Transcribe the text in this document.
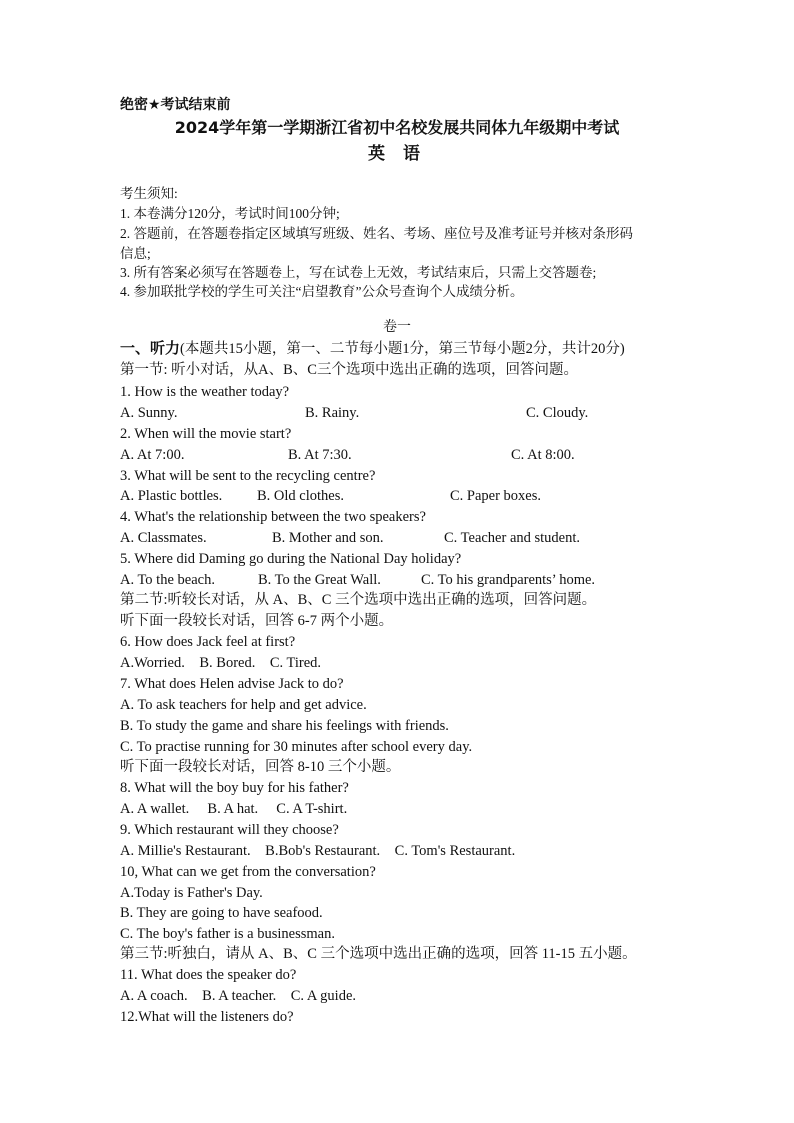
绝密★考试结束前
2024学年第一学期浙江省初中名校发展共同体九年级期中考试
英 语
考生须知:
1. 本卷满分120分，考试时间100分钟;
2. 答题前，在答题卷指定区域填写班级、姓名、考场、座位号及准考证号并核对条形码
信息;
3. 所有答案必须写在答题卷上，写在试卷上无效，考试结束后，只需上交答题卷;
4. 参加联批学校的学生可关注“启望教育”公众号查询个人成绩分析。
卷一
一、听力(本题共15小题，第一、二节每小题1分，第三节每小题2分，共计20分)
第一节: 听小对话，从A、B、C三个选项中选出正确的选项，回答问题。
1. How is the weather today?
A. Sunny.	B. Rainy.	C. Cloudy.
2. When will the movie start?
A. At 7:00.	B. At 7:30.	C. At 8:00.
3. What will be sent to the recycling centre?
A. Plastic bottles. B. Old clothes.	C. Paper boxes.
4. What's the relationship between the two speakers?
A. Classmates.	B. Mother and son.	C. Teacher and student.
5. Where did Daming go during the National Day holiday?
A. To the beach.	B. To the Great Wall.	C. To his grandparents’ home.
第二节:听较长对话，从 A、B、C 三个选项中选出正确的选项，回答问题。
听下面一段较长对话，回答 6-7 两个小题。
6. How does Jack feel at first?
A.Worried.    B. Bored.    C. Tired.
7. What does Helen advise Jack to do?
A. To ask teachers for help and get advice.
B. To study the game and share his feelings with friends.
C. To practise running for 30 minutes after school every day.
听下面一段较长对话，回答 8-10 三个小题。
8. What will the boy buy for his father?
A. A wallet.     B. A hat.     C. A T-shirt.
9. Which restaurant will they choose?
A. Millie's Restaurant.    B.Bob's Restaurant.    C. Tom's Restaurant.
10, What can we get from the conversation?
A.Today is Father's Day.
B. They are going to have seafood.
C. The boy's father is a businessman.
第三节:听独白，请从 A、B、C 三个选项中选出正确的选项，回答 11-15 五小题。
11. What does the speaker do?
A. A coach.    B. A teacher.    C. A guide.
12.What will the listeners do?
